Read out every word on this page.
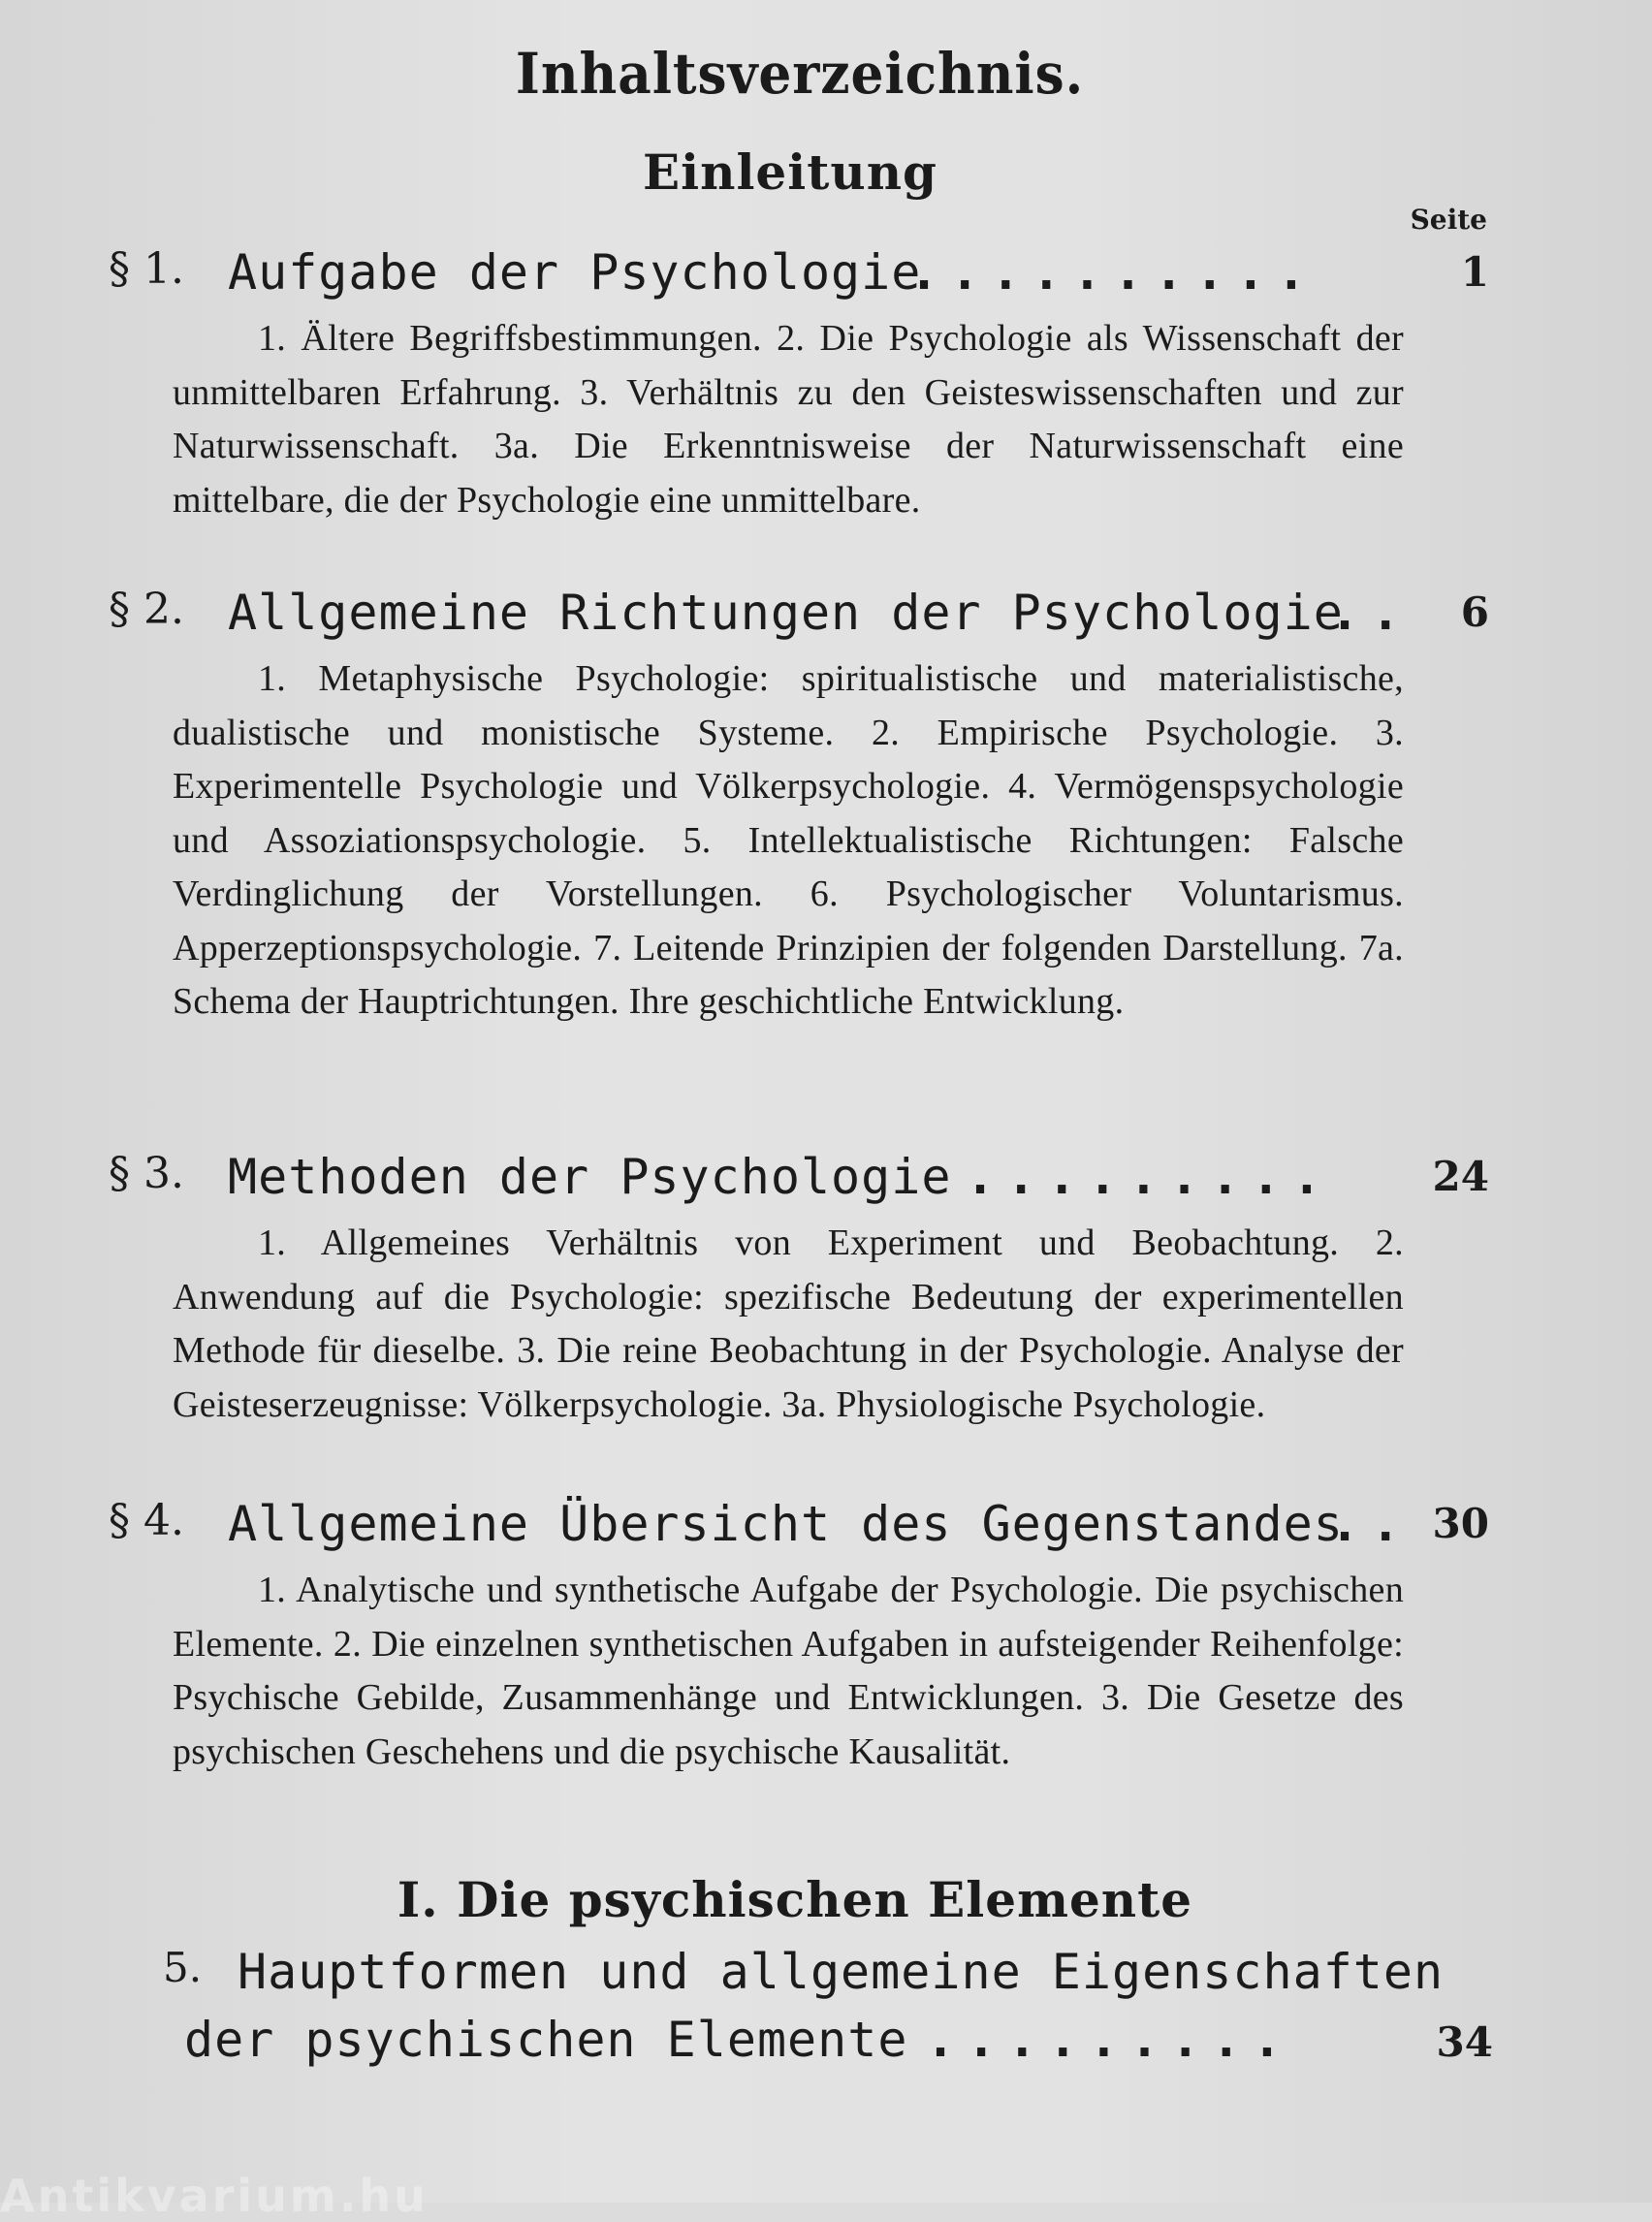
Inhaltsverzeichnis.
Einleitung
Seite
§ 1. Aufgabe der Psychologie
..........	1
1. Ältere Begriffsbestimmungen. 2. Die Psychologie als Wissenschaft der unmittelbaren Erfahrung. 3. Verhältnis zu den Geisteswissenschaften und zur Naturwissenschaft. 3a. Die Erkenntnisweise der Naturwissenschaft eine mittelbare, die der Psychologie eine unmittelbare.
§ 2. Allgemeine Richtungen der Psychologie
.. 6
1. Metaphysische Psychologie: spiritualistische und materialistische, dualistische und monistische Systeme. 2. Empirische Psychologie. 3. Experimentelle Psychologie und Völkerpsychologie. 4. Vermögenspsychologie und Assoziationspsychologie. 5. Intellektualistische Richtungen: Falsche Verdinglichung der Vorstellungen. 6. Psychologischer Voluntarismus. Apperzeptionspsychologie. 7. Leitende Prinzipien der folgenden Darstellung. 7a. Schema der Hauptrichtungen. Ihre geschichtliche Entwicklung.
§ 3. Methoden der Psychologie ......... 24
1. Allgemeines Verhältnis von Experiment und Beobachtung. 2. Anwendung auf die Psychologie: spezifische Bedeutung der experimentellen Methode für dieselbe. 3. Die reine Beobachtung in der Psychologie. Analyse der Geisteserzeugnisse: Völkerpsychologie. 3a. Physiologische Psychologie.
§ 4. Allgemeine Übersicht des Gegenstandes
.. 30
1. Analytische und synthetische Aufgabe der Psychologie. Die psychischen Elemente. 2. Die einzelnen synthetischen Aufgaben in aufsteigender Reihenfolge: Psychische Gebilde, Zusammenhänge und Entwicklungen. 3. Die Gesetze des psychischen Geschehens und die psychische Kausalität.
I. Die psychischen Elemente
5. Hauptformen und allgemeine Eigenschaften
der psychischen Elemente .........	34
Antikvarium.hu
